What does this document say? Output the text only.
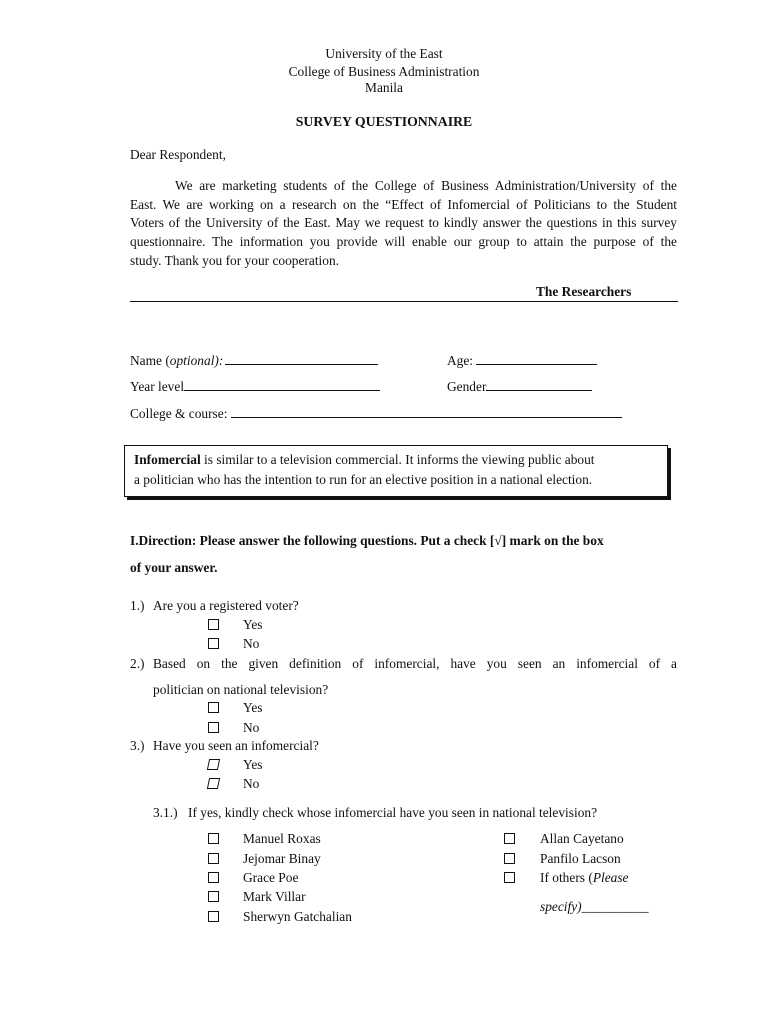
University of the East
College of Business Administration
Manila
SURVEY QUESTIONNAIRE
Dear Respondent,
We are marketing students of the College of Business Administration/University of the
East. We are working on a research on the “Effect of Infomercial of Politicians to the Student
Voters of the University of the East. May we request to kindly answer the questions in this survey
questionnaire. The information you provide will enable our group to attain the purpose of the
study. Thank you for your cooperation.
The Researchers
Name (optional):	Age:
Year level	Gender
College & course:
Infomercial is similar to a television commercial. It informs the viewing public about
a politician who has the intention to run for an elective position in a national election.
I.Direction: Please answer the following questions. Put a check [√] mark on the box
of your answer.
1.) Are you a registered voter?
Yes
No
2.) Based on the given definition of infomercial, have you seen an infomercial of a
politician on national television?
Yes
No
3.) Have you seen an infomercial?
Yes
No
3.1.) If yes, kindly check whose infomercial have you seen in national television?
Manuel Roxas
Jejomar Binay
Grace Poe
Mark Villar
Sherwyn Gatchalian
Allan Cayetano
Panfilo Lacson
If others (Please
specify)__________
